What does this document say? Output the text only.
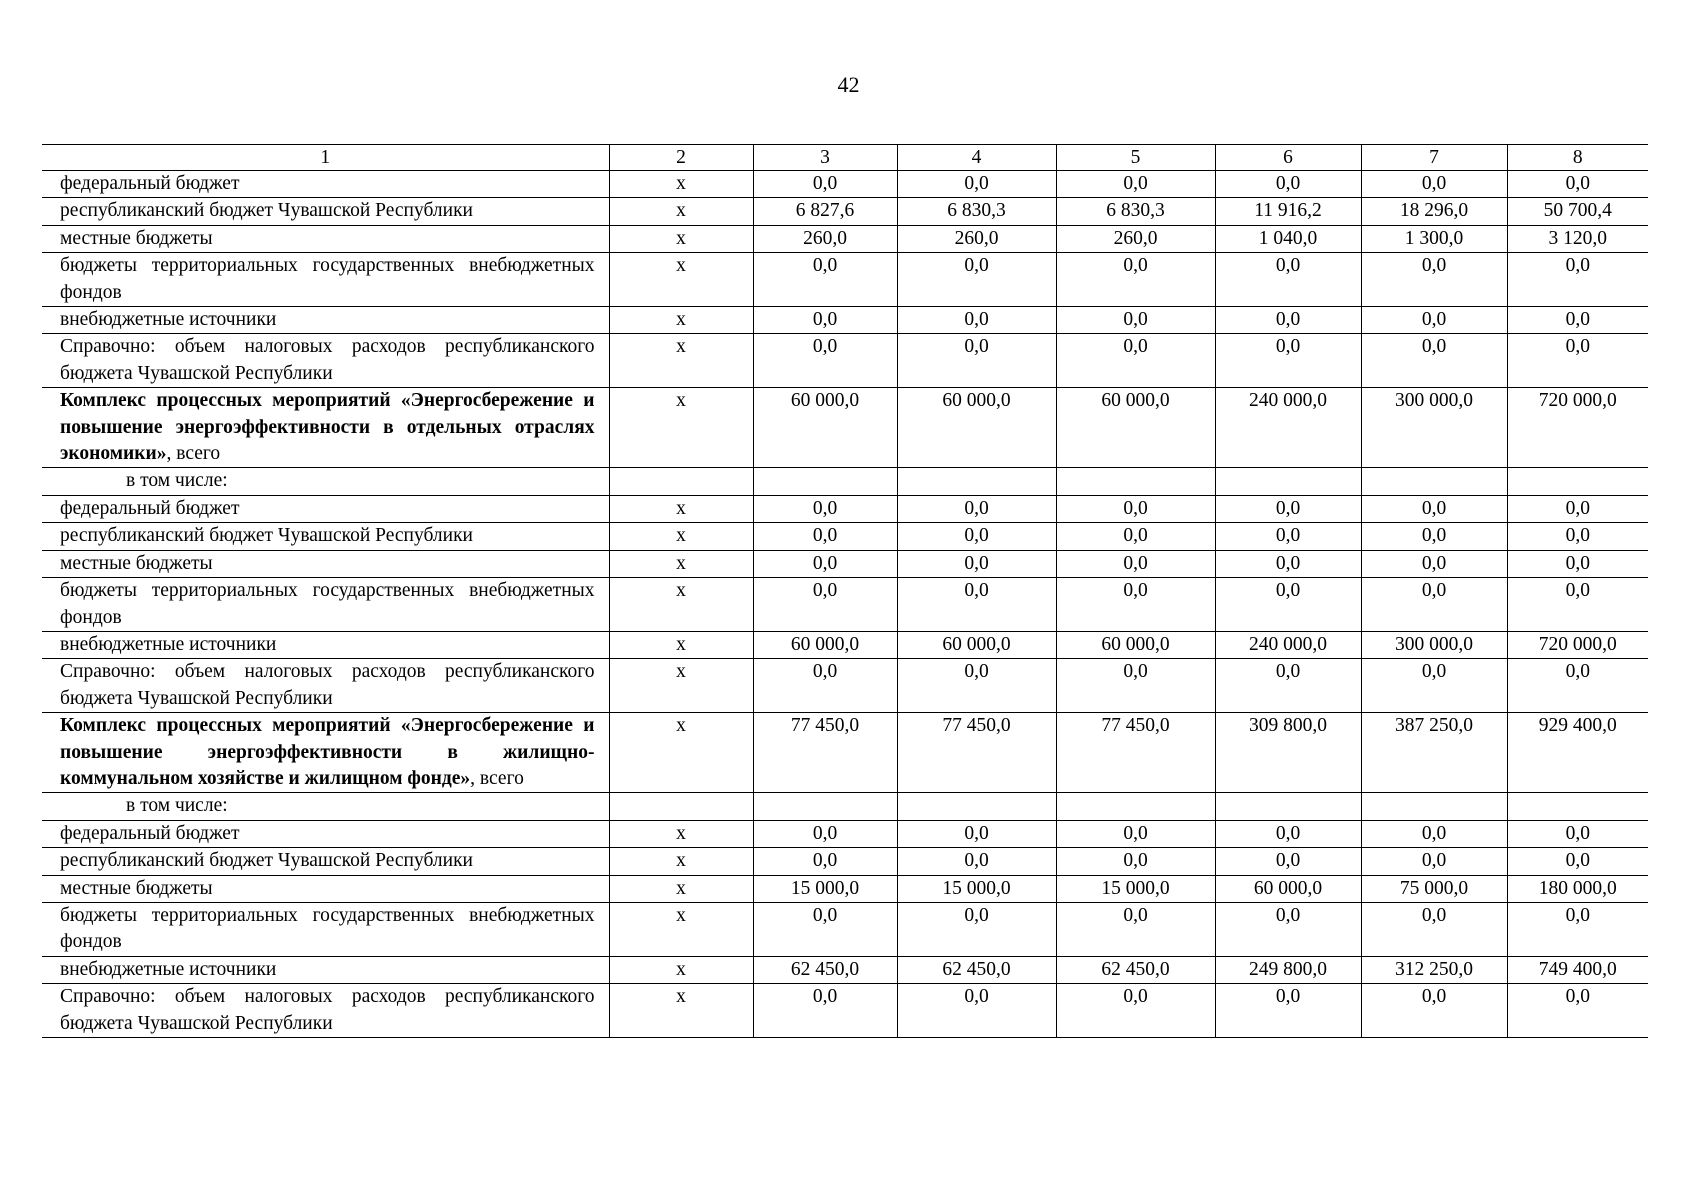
42
1	2	3	4	5	6	7	8
федеральный бюджет	х	0,0	0,0	0,0	0,0	0,0	0,0
республиканский бюджет Чувашской Республики	х	6 827,6	6 830,3	6 830,3	11 916,2	18 296,0	50 700,4
местные бюджеты	х	260,0	260,0	260,0	1 040,0	1 300,0	3 120,0
бюджеты территориальных государственных внебюджетных фондов	х	0,0	0,0	0,0	0,0	0,0	0,0
внебюджетные источники	х	0,0	0,0	0,0	0,0	0,0	0,0
Справочно: объем налоговых расходов республиканского бюджета Чувашской Республики	х	0,0	0,0	0,0	0,0	0,0	0,0
Комплекс процессных мероприятий «Энергосбережение и повышение энергоэффективности в отдельных отраслях экономики», всего	х	60 000,0	60 000,0	60 000,0	240 000,0	300 000,0	720 000,0
в том числе:							
федеральный бюджет	х	0,0	0,0	0,0	0,0	0,0	0,0
республиканский бюджет Чувашской Республики	х	0,0	0,0	0,0	0,0	0,0	0,0
местные бюджеты	х	0,0	0,0	0,0	0,0	0,0	0,0
бюджеты территориальных государственных внебюджетных фондов	х	0,0	0,0	0,0	0,0	0,0	0,0
внебюджетные источники	х	60 000,0	60 000,0	60 000,0	240 000,0	300 000,0	720 000,0
Справочно: объем налоговых расходов республиканского бюджета Чувашской Республики	х	0,0	0,0	0,0	0,0	0,0	0,0
Комплекс процессных мероприятий «Энергосбережение и повышение энергоэффективности в жилищно-коммунальном хозяйстве и жилищном фонде», всего	х	77 450,0	77 450,0	77 450,0	309 800,0	387 250,0	929 400,0
в том числе:							
федеральный бюджет	х	0,0	0,0	0,0	0,0	0,0	0,0
республиканский бюджет Чувашской Республики	х	0,0	0,0	0,0	0,0	0,0	0,0
местные бюджеты	х	15 000,0	15 000,0	15 000,0	60 000,0	75 000,0	180 000,0
бюджеты территориальных государственных внебюджетных фондов	х	0,0	0,0	0,0	0,0	0,0	0,0
внебюджетные источники	х	62 450,0	62 450,0	62 450,0	249 800,0	312 250,0	749 400,0
Справочно: объем налоговых расходов республиканского бюджета Чувашской Республики	х	0,0	0,0	0,0	0,0	0,0	0,0
